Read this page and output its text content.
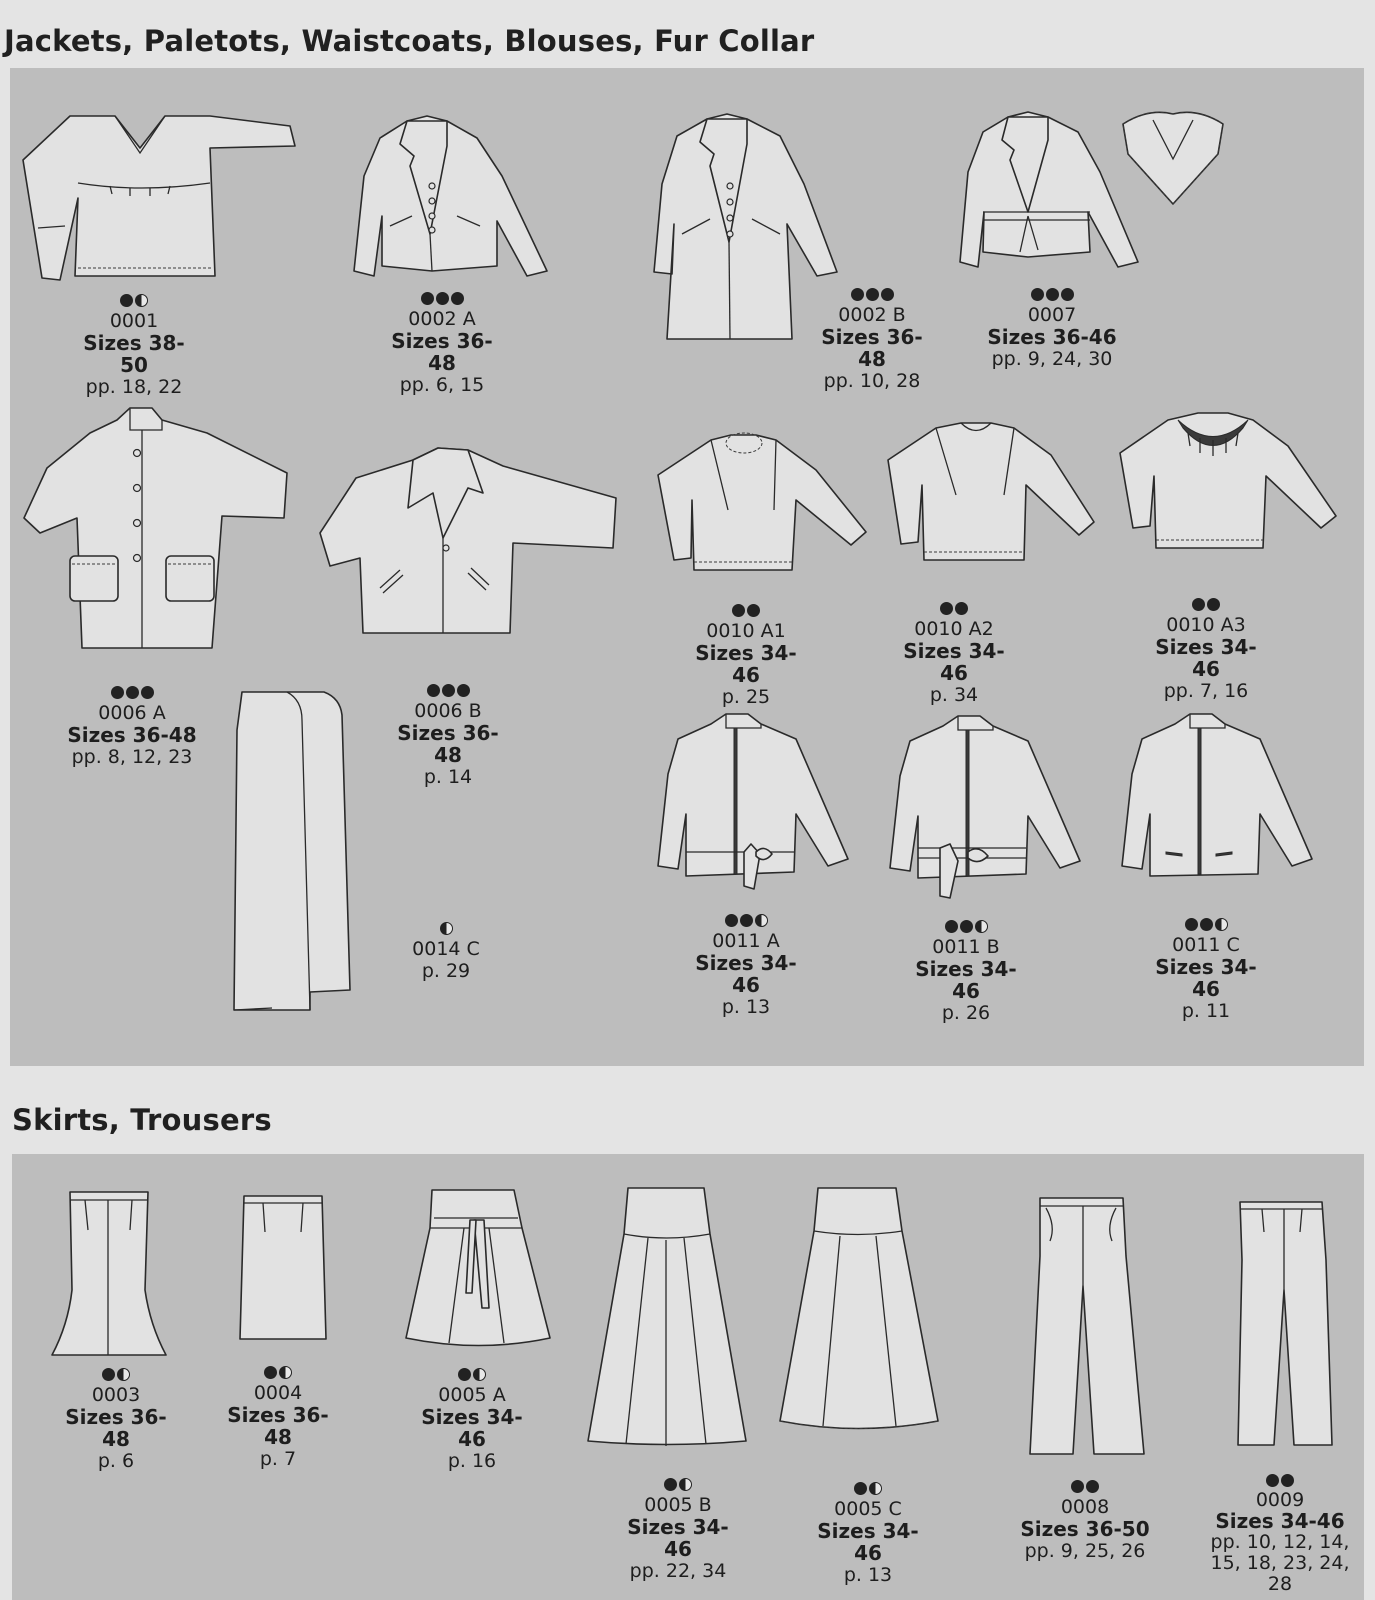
Jackets, Paletots, Waistcoats, Blouses, Fur Collar
Skirts, Trousers
0001
Sizes 38-50
pp. 18, 22
0002 A
Sizes 36-48
pp. 6, 15
0002 B
Sizes 36-48
pp. 10, 28
0007
Sizes 36-46
pp. 9, 24, 30
0006 A
Sizes 36-48
pp. 8, 12, 23
0006 B
Sizes 36-48
p. 14
0010 A1
Sizes 34-46
p. 25
0010 A2
Sizes 34-46
p. 34
0010 A3
Sizes 34-46
pp. 7, 16
0014 C
p. 29
0011 A
Sizes 34-46
p. 13
0011 B
Sizes 34-46
p. 26
0011 C
Sizes 34-46
p. 11
0003
Sizes 36-48
p. 6
0004
Sizes 36-48
p. 7
0005 A
Sizes 34-46
p. 16
0005 B
Sizes 34-46
pp. 22, 34
0005 C
Sizes 34-46
p. 13
0008
Sizes 36-50
pp. 9, 25, 26
0009
Sizes 34-46
pp. 10, 12, 14, 15, 18, 23, 24, 28
